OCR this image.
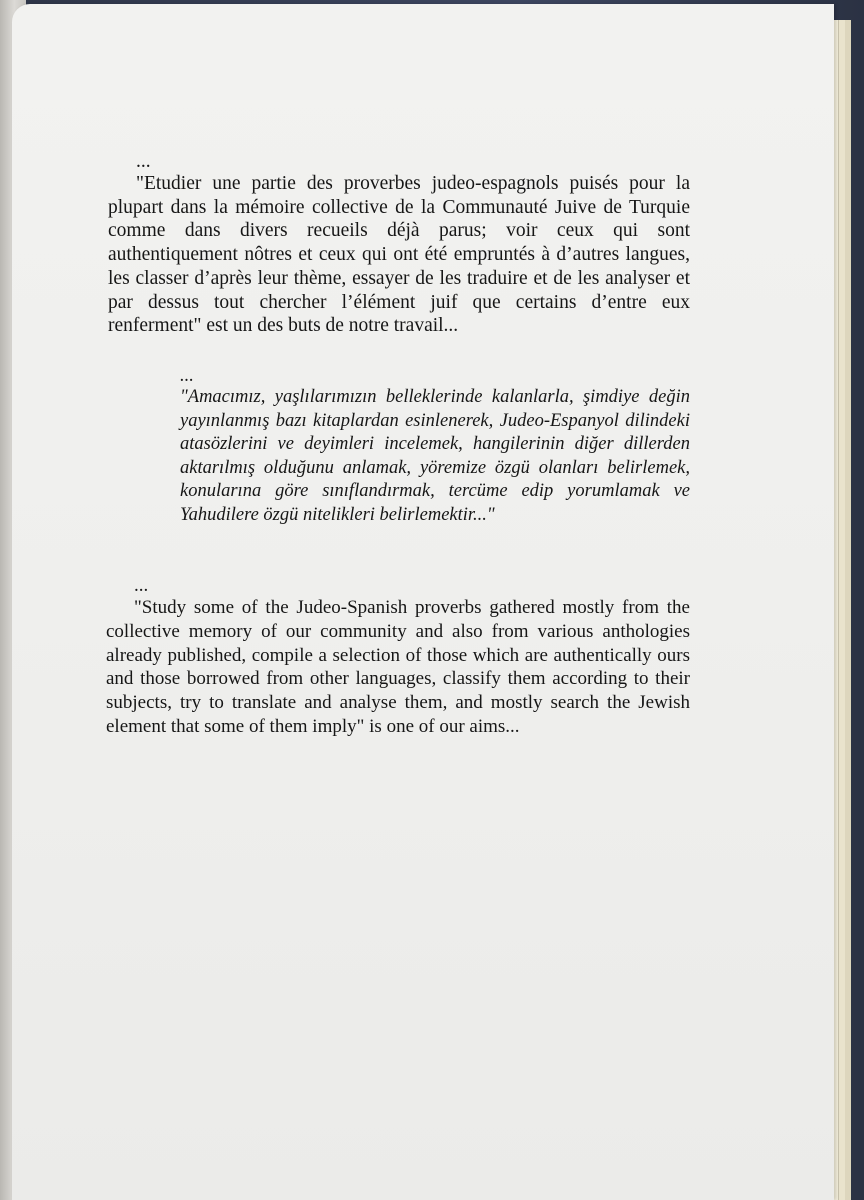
...
"Etudier une partie des proverbes judeo-espagnols puisés pour la plupart dans la mémoire collective de la Communauté Juive de Turquie comme dans divers recueils déjà parus; voir ceux qui sont authentiquement nôtres et ceux qui ont été empruntés à d’autres langues, les classer d’après leur thème, essayer de les traduire et de les analyser et par dessus tout chercher l’élément juif que certains d’entre eux renferment" est un des buts de notre travail...
...
"Amacımız, yaşlılarımızın belleklerinde kalanlarla, şimdiye değin yayınlanmış bazı kitaplardan esinlenerek, Judeo-Espanyol dilindeki atasözlerini ve deyimleri incelemek, hangilerinin diğer dillerden aktarılmış olduğunu anlamak, yöremize özgü olanları belirlemek, konularına göre sınıflandırmak, tercüme edip yorumlamak ve Yahudilere özgü nitelikleri belirlemektir..."
...
"Study some of the Judeo-Spanish proverbs gathered mostly from the collective memory of our community and also from various anthologies already published, compile a selection of those which are authentically ours and those borrowed from other languages, classify them according to their subjects, try to translate and analyse them, and mostly search the Jewish element that some of them imply" is one of our aims...
